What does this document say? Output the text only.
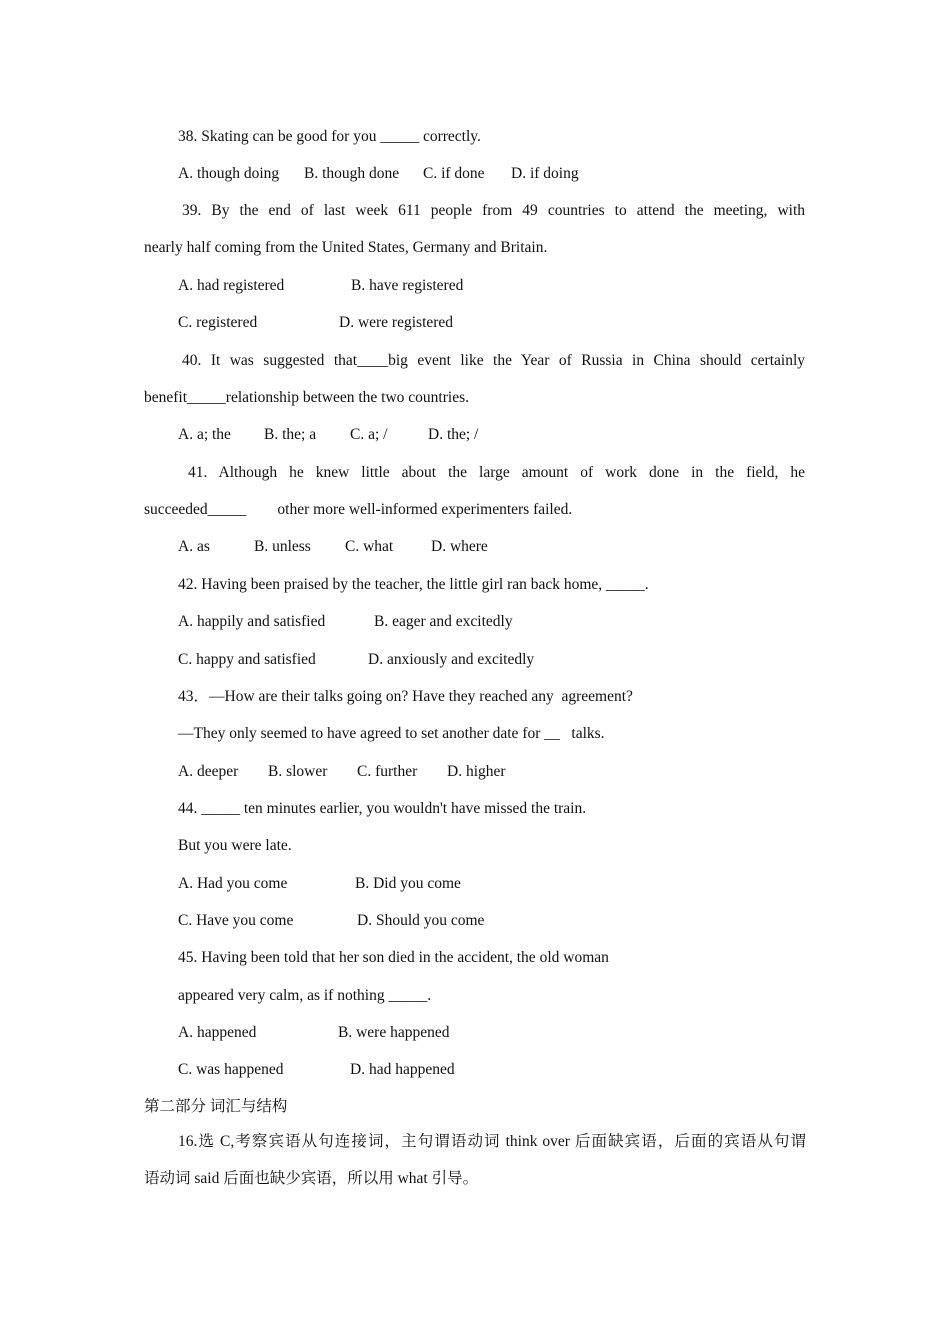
38. Skating can be good for you _____ correctly.
A. though doing B. though done C. if done D. if doing
39. By the end of last week 611 people from 49 countries to attend the meeting, with
nearly half coming from the United States, Germany and Britain.
A. had registered	B. have registered
C. registered	D. were registered
40. It was suggested that____big event like the Year of Russia in China should certainly
benefit_____relationship between the two countries.
A. a; the B. the; a C. a; /	D. the; /
41. Although he knew little about the large amount of work done in the field, he
succeeded_____        other more well-informed experimenters failed.
A. as	B. unless C. what D. where
42. Having been praised by the teacher, the little girl ran back home, _____.
A. happily and satisfied	B. eager and excitedly
C. happy and satisfied	D. anxiously and excitedly
43．—How are their talks going on? Have they reached any  agreement?
—They only seemed to have agreed to set another date for __   talks.
A. deeper B. slower C. further D. higher
44. _____ ten minutes earlier, you wouldn't have missed the train.
But you were late.
A. Had you come	B. Did you come
C. Have you come	D. Should you come
45. Having been told that her son died in the accident, the old woman
appeared very calm, as if nothing _____.
A. happened	B. were happened
C. was happened	D. had happened
第二部分 词汇与结构
16.选 C,考察宾语从句连接词，主句谓语动词 think over 后面缺宾语，后面的宾语从句谓
语动词 said 后面也缺少宾语，所以用 what 引导。
